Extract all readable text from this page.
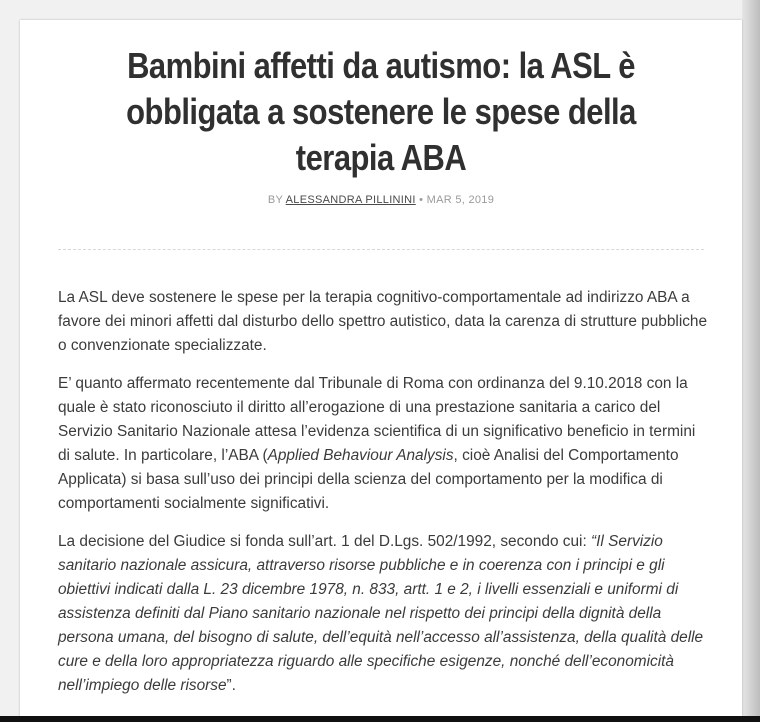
Bambini affetti da autismo: la ASL è obbligata a sostenere le spese della terapia ABA
BY ALESSANDRA PILLININI • MAR 5, 2019

La ASL deve sostenere le spese per la terapia cognitivo-comportamentale ad indirizzo ABA a favore dei minori affetti dal disturbo dello spettro autistico, data la carenza di strutture pubbliche o convenzionate specializzate.

E’ quanto affermato recentemente dal Tribunale di Roma con ordinanza del 9.10.2018 con la quale è stato riconosciuto il diritto all’erogazione di una prestazione sanitaria a carico del Servizio Sanitario Nazionale attesa l’evidenza scientifica di un significativo beneficio in termini di salute. In particolare, l’ABA (Applied Behaviour Analysis, cioè Analisi del Comportamento Applicata) si basa sull’uso dei principi della scienza del comportamento per la modifica di comportamenti socialmente significativi.

La decisione del Giudice si fonda sull’art. 1 del D.Lgs. 502/1992, secondo cui: “Il Servizio sanitario nazionale assicura, attraverso risorse pubbliche e in coerenza con i principi e gli obiettivi indicati dalla L. 23 dicembre 1978, n. 833, artt. 1 e 2, i livelli essenziali e uniformi di assistenza definiti dal Piano sanitario nazionale nel rispetto dei principi della dignità della persona umana, del bisogno di salute, dell’equità nell’accesso all’assistenza, della qualità delle cure e della loro appropriatezza riguardo alle specifiche esigenze, nonché dell’economicità nell’impiego delle risorse”.
